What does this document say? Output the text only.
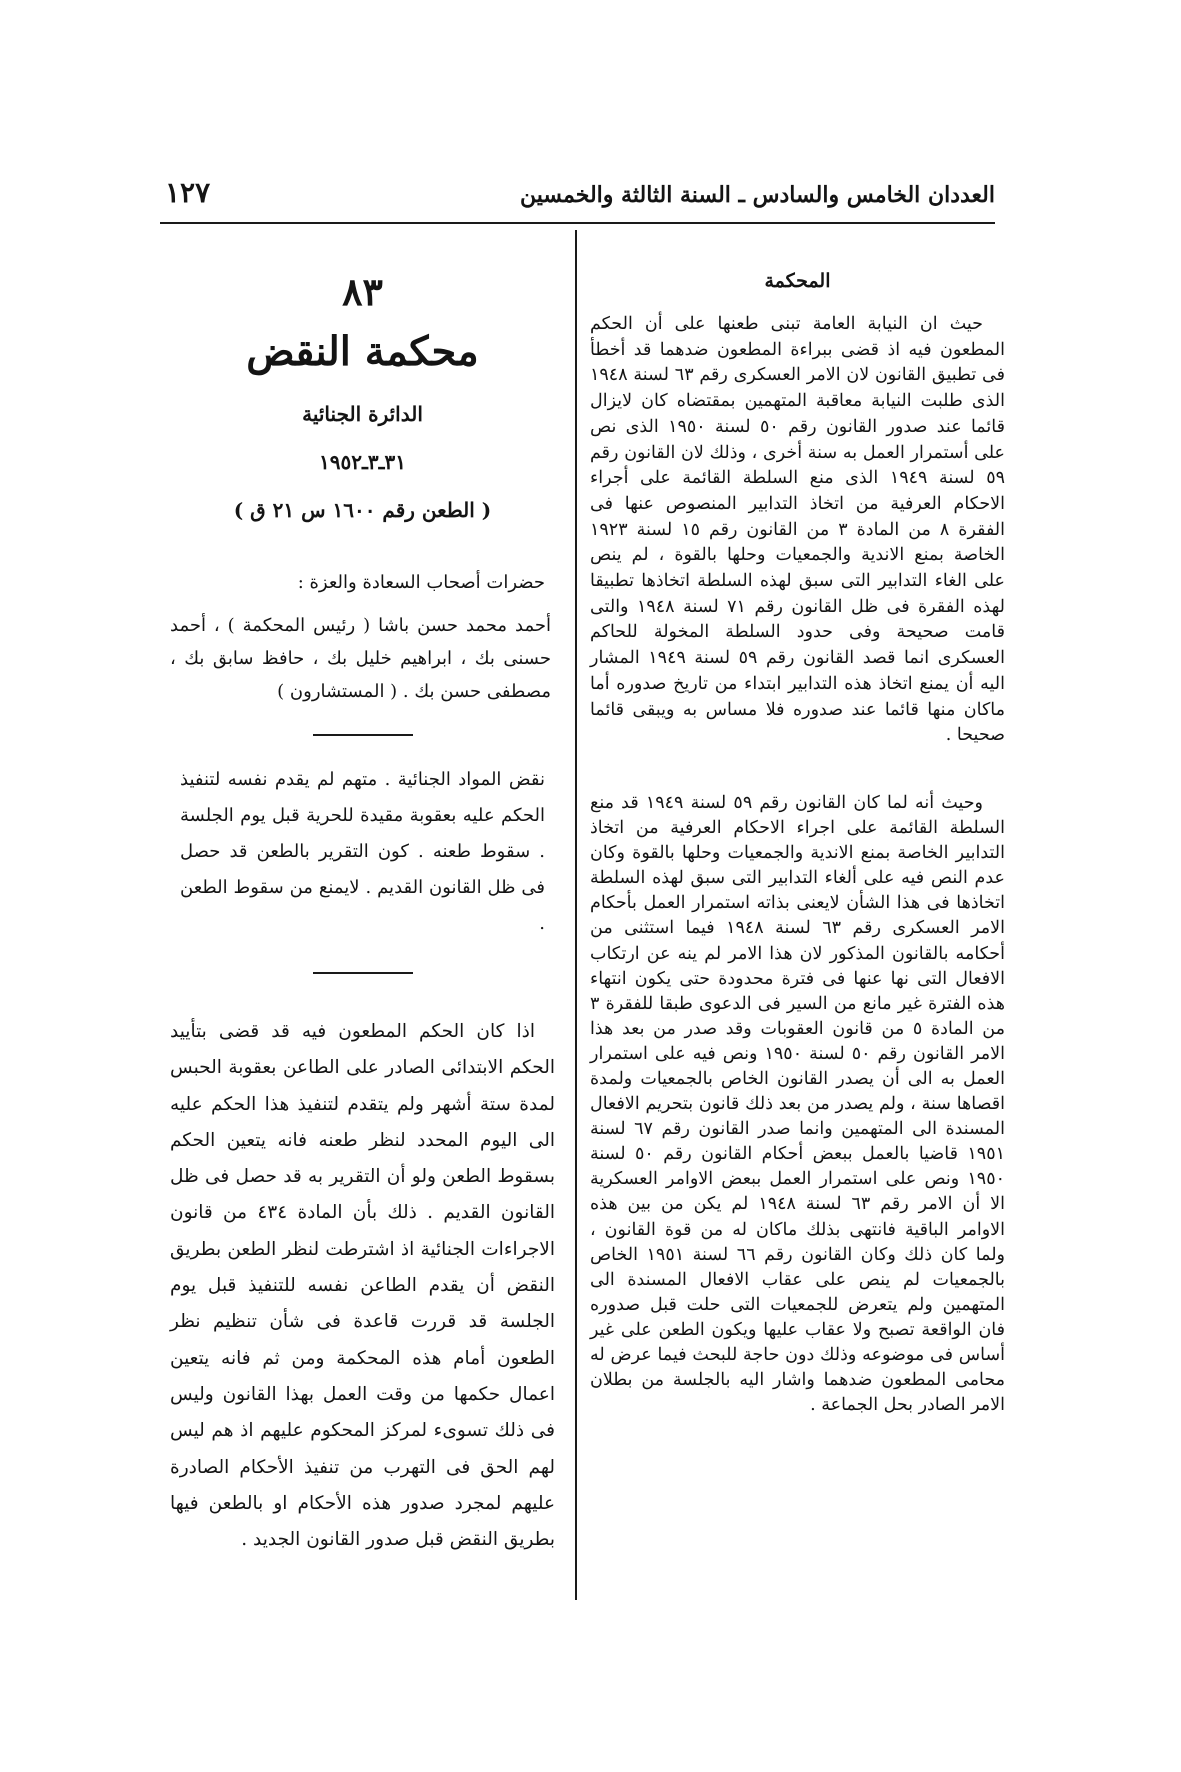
العددان الخامس والسادس ـ السنة الثالثة والخمسين
١٢٧

المحكمة

حيث ان النيابة العامة تبنى طعنها على أن الحكم المطعون فيه اذ قضى ببراءة المطعون ضدهما قد أخطأ فى تطبيق القانون لان الامر العسكرى رقم ٦٣ لسنة ١٩٤٨ الذى طلبت النيابة معاقبة المتهمين بمقتضاه كان لايزال قائما عند صدور القانون رقم ٥٠ لسنة ١٩٥٠ الذى نص على أستمرار العمل به سنة أخرى ، وذلك لان القانون رقم ٥٩ لسنة ١٩٤٩ الذى منع السلطة القائمة على أجراء الاحكام العرفية من اتخاذ التدابير المنصوص عنها فى الفقرة ٨ من المادة ٣ من القانون رقم ١٥ لسنة ١٩٢٣ الخاصة بمنع الاندية والجمعيات وحلها بالقوة ، لم ينص على الغاء التدابير التى سبق لهذه السلطة اتخاذها تطبيقا لهذه الفقرة فى ظل القانون رقم ٧١ لسنة ١٩٤٨ والتى قامت صحيحة وفى حدود السلطة المخولة للحاكم العسكرى انما قصد القانون رقم ٥٩ لسنة ١٩٤٩ المشار اليه أن يمنع اتخاذ هذه التدابير ابتداء من تاريخ صدوره أما ماكان منها قائما عند صدوره فلا مساس به ويبقى قائما صحيحا .

وحيث أنه لما كان القانون رقم ٥٩ لسنة ١٩٤٩ قد منع السلطة القائمة على اجراء الاحكام العرفية من اتخاذ التدابير الخاصة بمنع الاندية والجمعيات وحلها بالقوة وكان عدم النص فيه على ألغاء التدابير التى سبق لهذه السلطة اتخاذها فى هذا الشأن لايعنى بذاته استمرار العمل بأحكام الامر العسكرى رقم ٦٣ لسنة ١٩٤٨ فيما استثنى من أحكامه بالقانون المذكور لان هذا الامر لم ينه عن ارتكاب الافعال التى نها عنها فى فترة محدودة حتى يكون انتهاء هذه الفترة غير مانع من السير فى الدعوى طبقا للفقرة ٣ من المادة ٥ من قانون العقوبات وقد صدر من بعد هذا الامر القانون رقم ٥٠ لسنة ١٩٥٠ ونص فيه على استمرار العمل به الى أن يصدر القانون الخاص بالجمعيات ولمدة اقصاها سنة ، ولم يصدر من بعد ذلك قانون بتحريم الافعال المسندة الى المتهمين وانما صدر القانون رقم ٦٧ لسنة ١٩٥١ قاضيا بالعمل ببعض أحكام القانون رقم ٥٠ لسنة ١٩٥٠ ونص على استمرار العمل ببعض الاوامر العسكرية الا أن الامر رقم ٦٣ لسنة ١٩٤٨ لم يكن من بين هذه الاوامر الباقية فانتهى بذلك ماكان له من قوة القانون ، ولما كان ذلك وكان القانون رقم ٦٦ لسنة ١٩٥١ الخاص بالجمعيات لم ينص على عقاب الافعال المسندة الى المتهمين ولم يتعرض للجمعيات التى حلت قبل صدوره فان الواقعة تصبح ولا عقاب عليها ويكون الطعن على غير أساس فى موضوعه وذلك دون حاجة للبحث فيما عرض له محامى المطعون ضدهما واشار اليه بالجلسة من بطلان الامر الصادر بحل الجماعة .

٨٣

محكمة النقض

الدائرة الجنائية

٣١ـ٣ـ١٩٥٢

( الطعن رقم ١٦٠٠ س ٢١ ق )

حضرات أصحاب السعادة والعزة :

أحمد محمد حسن باشا ( رئيس المحكمة ) ، أحمد
حسنى بك ، ابراهيم خليل بك ، حافظ سابق بك ،
مصطفى حسن بك . ( المستشارون )

نقض المواد الجنائية . متهم لم يقدم نفسه لتنفيذ الحكم عليه بعقوبة مقيدة للحرية قبل يوم الجلسة . سقوط طعنه . كون التقرير بالطعن قد حصل فى ظل القانون القديم . لايمنع من سقوط الطعن .

اذا كان الحكم المطعون فيه قد قضى بتأييد الحكم الابتدائى الصادر على الطاعن بعقوبة الحبس لمدة ستة أشهر ولم يتقدم لتنفيذ هذا الحكم عليه الى اليوم المحدد لنظر طعنه فانه يتعين الحكم بسقوط الطعن ولو أن التقرير به قد حصل فى ظل القانون القديم . ذلك بأن المادة ٤٣٤ من قانون الاجراءات الجنائية اذ اشترطت لنظر الطعن بطريق النقض أن يقدم الطاعن نفسه للتنفيذ قبل يوم الجلسة قد قررت قاعدة فى شأن تنظيم نظر الطعون أمام هذه المحكمة ومن ثم فانه يتعين اعمال حكمها من وقت العمل بهذا القانون وليس فى ذلك تسوىء لمركز المحكوم عليهم اذ هم ليس لهم الحق فى التهرب من تنفيذ الأحكام الصادرة عليهم لمجرد صدور هذه الأحكام او بالطعن فيها بطريق النقض قبل صدور القانون الجديد .
